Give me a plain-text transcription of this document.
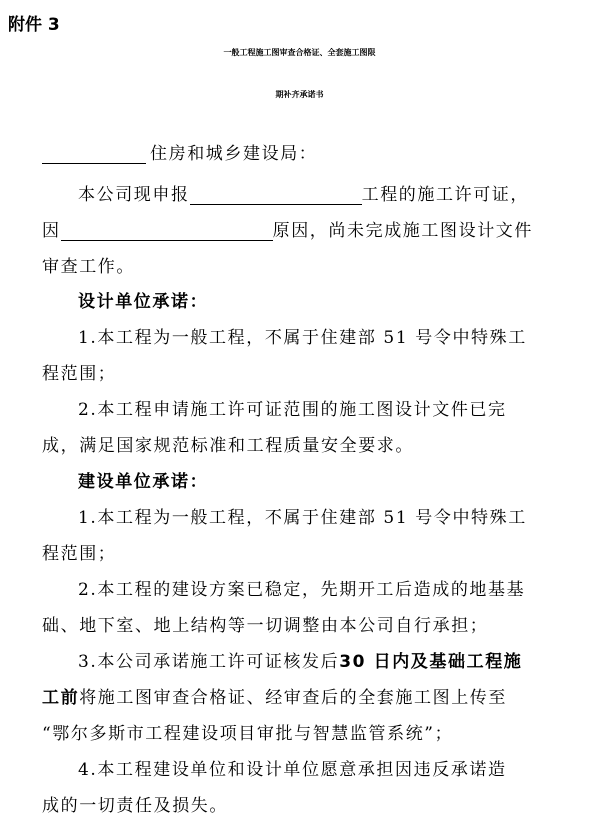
附件 3
一般工程施工图审查合格证、全套施工图限
期补齐承诺书
住房和城乡建设局：
本公司现申报	工程的施工许可证，
因	原因，尚未完成施工图设计文件
审查工作。
设计单位承诺：
1.本工程为一般工程，不属于住建部 51 号令中特殊工
程范围；
2.本工程申请施工许可证范围的施工图设计文件已完
成，满足国家规范标准和工程质量安全要求。
建设单位承诺：
1.本工程为一般工程，不属于住建部 51 号令中特殊工
程范围；
2.本工程的建设方案已稳定，先期开工后造成的地基基
础、地下室、地上结构等一切调整由本公司自行承担；
3.本公司承诺施工许可证核发后30 日内及基础工程施
工前将施工图审查合格证、经审查后的全套施工图上传至
“鄂尔多斯市工程建设项目审批与智慧监管系统”；
4.本工程建设单位和设计单位愿意承担因违反承诺造
成的一切责任及损失。
